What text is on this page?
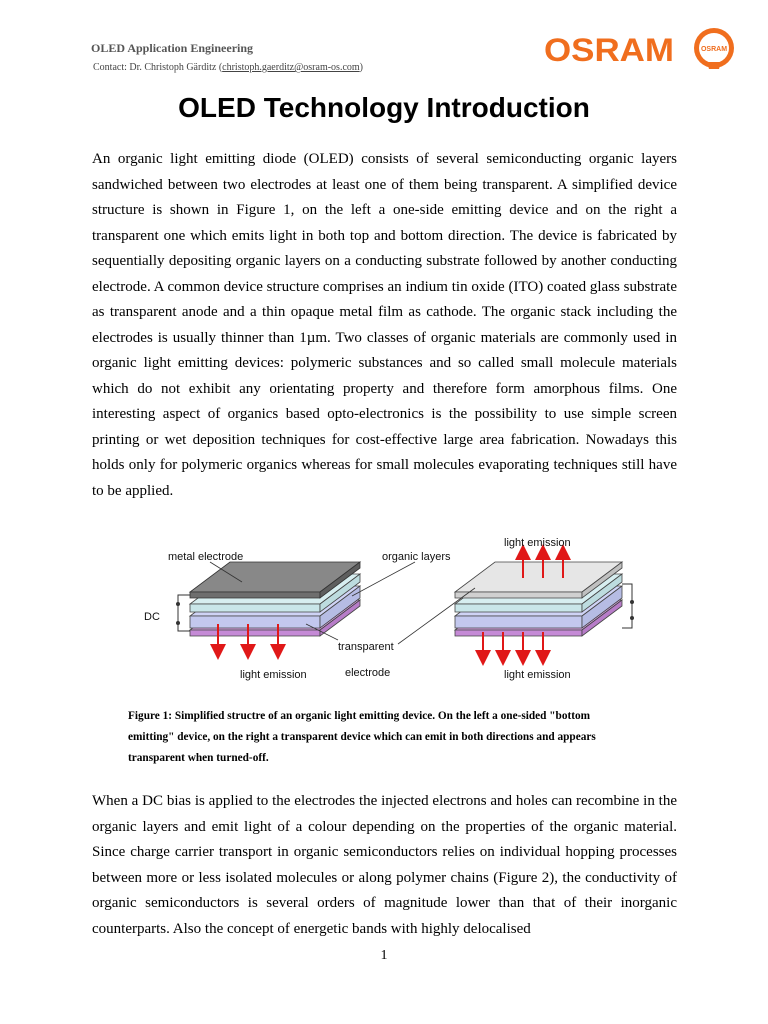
OLED Application Engineering
Contact: Dr. Christoph Gärditz (christoph.gaerditz@osram-os.com)	OSRAM	OSRAM
OLED Technology Introduction

An organic light emitting diode (OLED) consists of several semiconducting organic layers sandwiched between two electrodes at least one of them being transparent. A simplified device structure is shown in Figure 1, on the left a one-side emitting device and on the right a transparent one which emits light in both top and bottom direction. The device is fabricated by sequentially depositing organic layers on a conducting substrate followed by another conducting electrode. A common device structure comprises an indium tin oxide (ITO) coated glass substrate as transparent anode and a thin opaque metal film as cathode. The organic stack including the electrodes is usually thinner than 1µm. Two classes of organic materials are commonly used in organic light emitting devices: polymeric substances and so called small molecule materials which do not exhibit any orientating property and therefore form amorphous films. One interesting aspect of organics based opto-electronics is the possibility to use simple screen printing or wet deposition techniques for cost-effective large area fabrication. Nowadays this holds only for polymeric organics whereas for small molecules evaporating techniques still have to be applied.

metal electrode	organic layers
DC
transparent
electrode
light emission
light emission
light emission

Figure 1: Simplified structre of an organic light emitting device. On the left a one-sided "bottom emitting" device, on the right a transparent device which can emit in both directions and appears transparent when turned-off.

When a DC bias is applied to the electrodes the injected electrons and holes can recombine in the organic layers and emit light of a colour depending on the properties of the organic material. Since charge carrier transport in organic semiconductors relies on individual hopping processes between more or less isolated molecules or along polymer chains (Figure 2), the conductivity of organic semiconductors is several orders of magnitude lower than that of their inorganic counterparts. Also the concept of energetic bands with highly delocalised

1
